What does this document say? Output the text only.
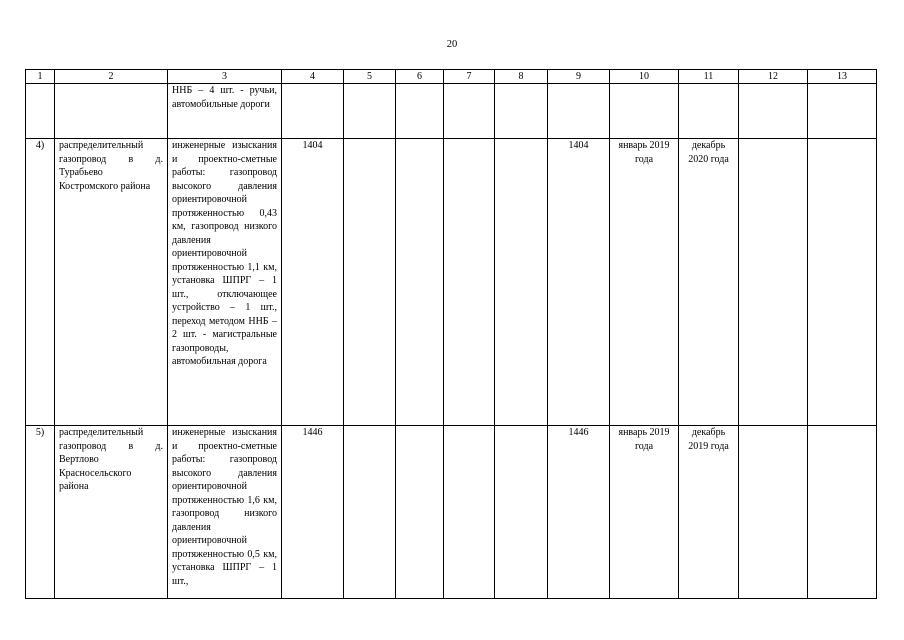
20
1	2	3	4	5	6	7	8	9	10	11	12	13
		ННБ – 4 шт. - ручьи, автомобильные дороги										
4)	распределительный газопровод в д. Турабьево Костромского района	инженерные изыскания и проектно-сметные работы: газопровод высокого давления ориентировочной протяженностью 0,43 км, газопровод низкого давления ориентировочной протяженностью 1,1 км, установка ШПРГ – 1 шт., отключающее устройство – 1 шт., переход методом ННБ – 2 шт. - магистральные газопроводы, автомобильная дорога	1404					1404	январь 2019 года	декабрь 2020 года		
5)	распределительный газопровод в д. Вертлово Красносельского района	инженерные изыскания и проектно-сметные работы: газопровод высокого давления ориентировочной протяженностью 1,6 км, газопровод низкого давления ориентировочной протяженностью 0,5 км, установка ШПРГ – 1 шт.,	1446					1446	январь 2019 года	декабрь 2019 года		
